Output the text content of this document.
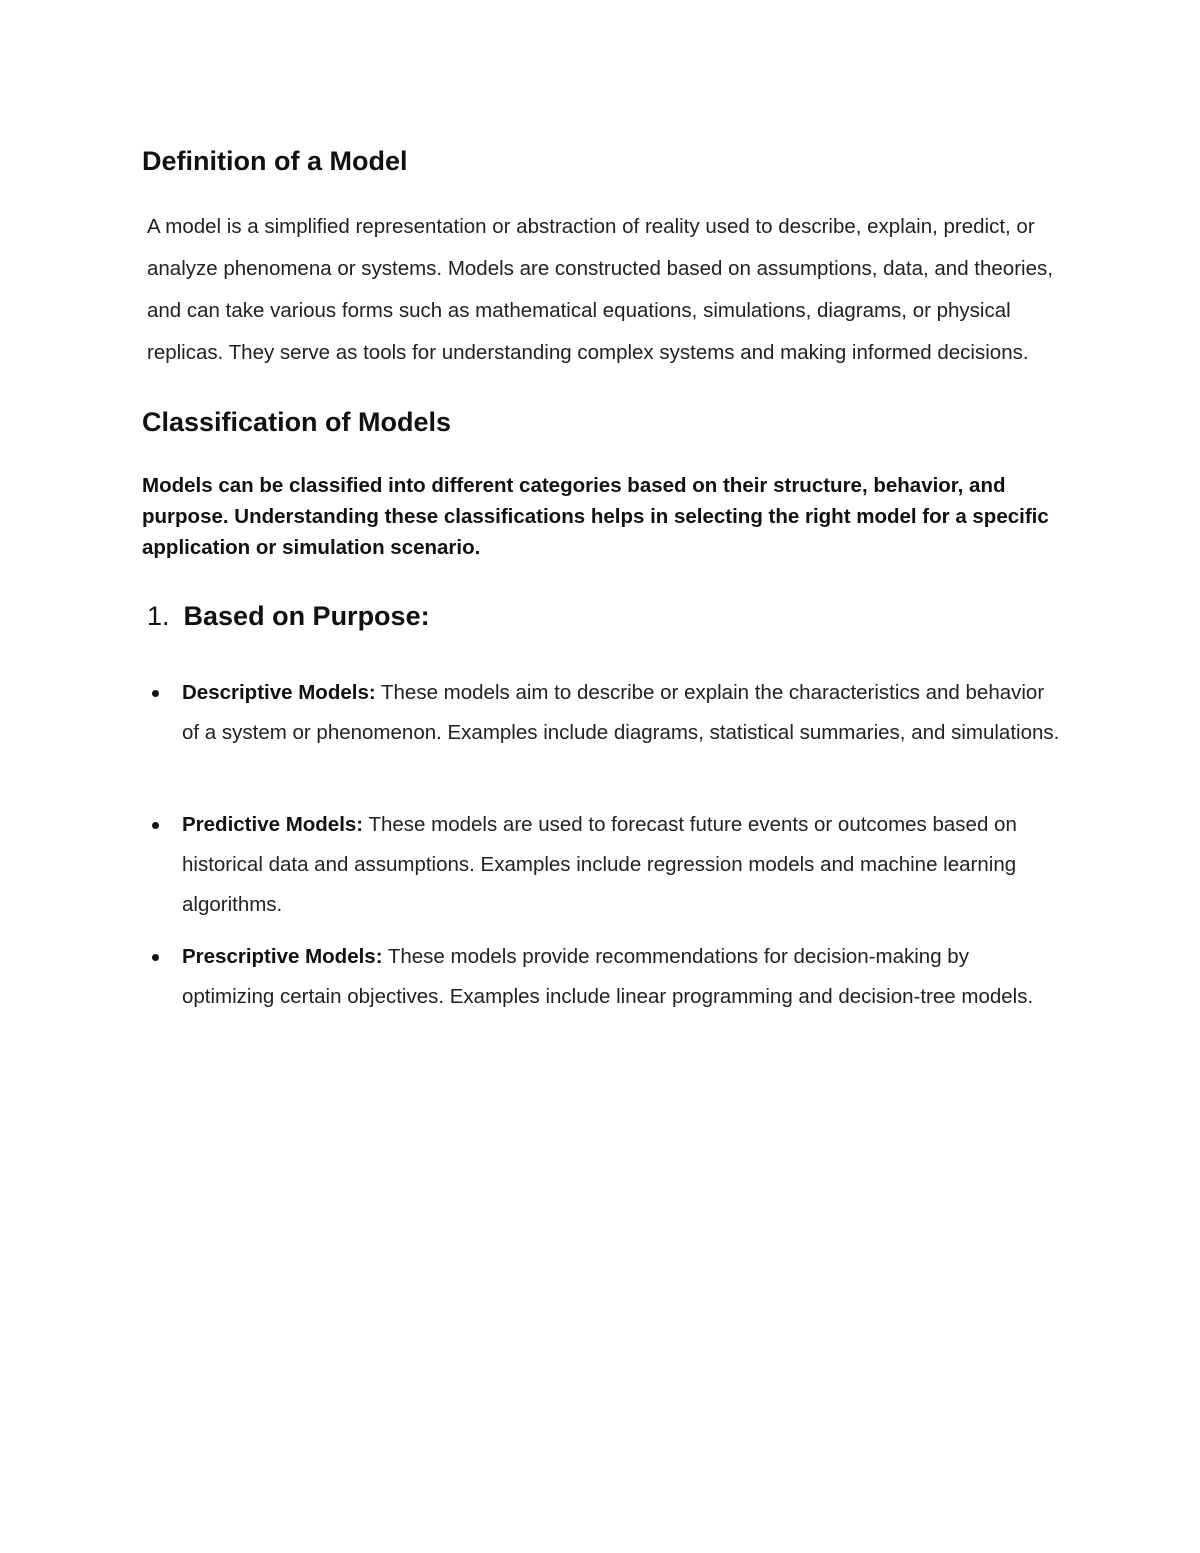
Definition of a Model

A model is a simplified representation or abstraction of reality used to describe, explain, predict, or analyze phenomena or systems. Models are constructed based on assumptions, data, and theories, and can take various forms such as mathematical equations, simulations, diagrams, or physical replicas. They serve as tools for understanding complex systems and making informed decisions.

Classification of Models

Models can be classified into different categories based on their structure, behavior, and purpose. Understanding these classifications helps in selecting the right model for a specific application or simulation scenario.

1. Based on Purpose:

Descriptive Models: These models aim to describe or explain the characteristics and behavior of a system or phenomenon. Examples include diagrams, statistical summaries, and simulations.

Predictive Models: These models are used to forecast future events or outcomes based on historical data and assumptions. Examples include regression models and machine learning algorithms.

Prescriptive Models: These models provide recommendations for decision-making by optimizing certain objectives. Examples include linear programming and decision-tree models.
